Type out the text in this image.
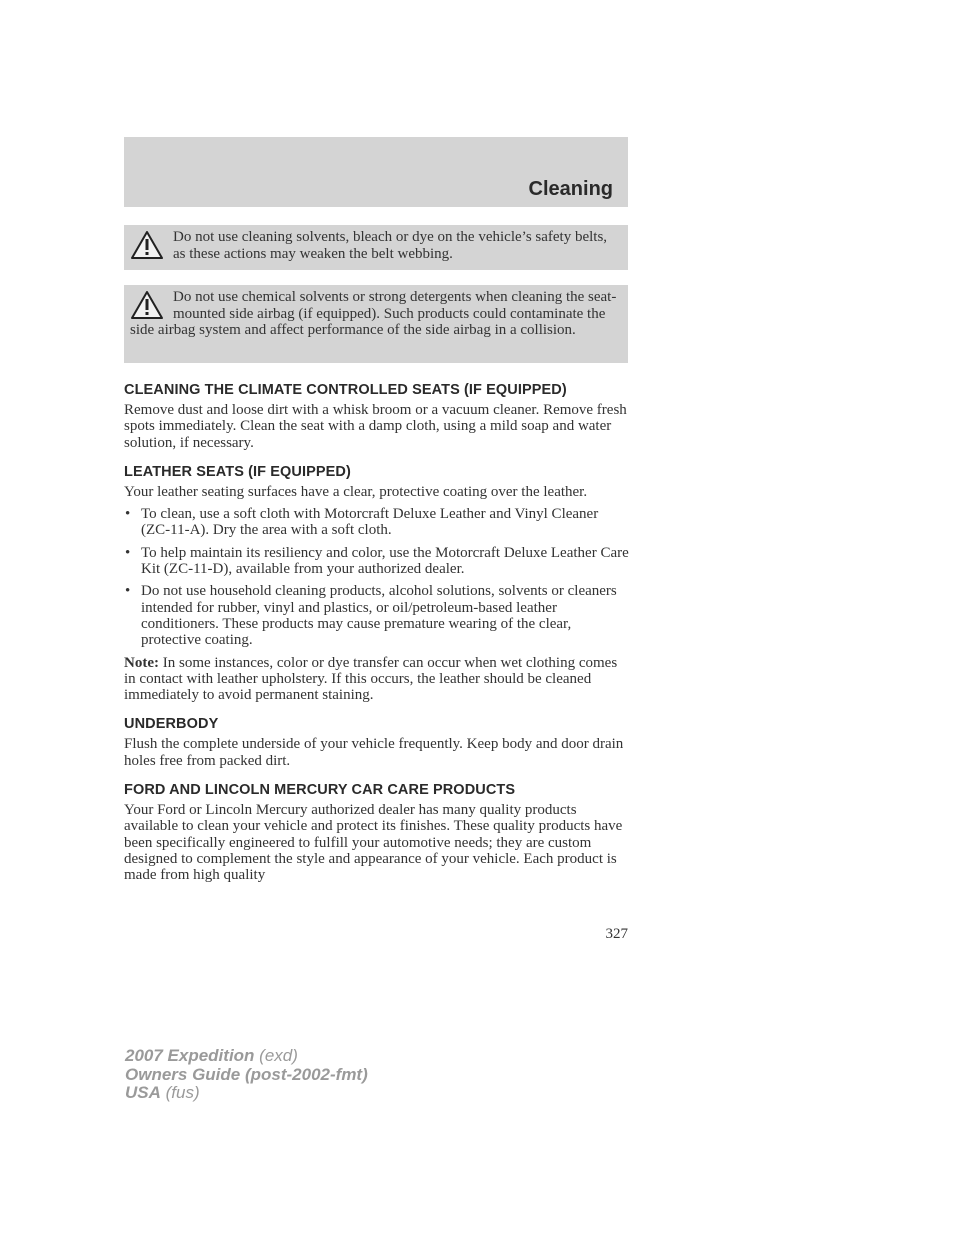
Cleaning
Do not use cleaning solvents, bleach or dye on the vehicle’s safety belts, as these actions may weaken the belt webbing.
Do not use chemical solvents or strong detergents when cleaning the seat-mounted side airbag (if equipped). Such products could contaminate the side airbag system and affect performance of the side airbag in a collision.
CLEANING THE CLIMATE CONTROLLED SEATS (IF EQUIPPED)

Remove dust and loose dirt with a whisk broom or a vacuum cleaner. Remove fresh spots immediately. Clean the seat with a damp cloth, using a mild soap and water solution, if necessary.

LEATHER SEATS (IF EQUIPPED)

Your leather seating surfaces have a clear, protective coating over the leather.

• To clean, use a soft cloth with Motorcraft Deluxe Leather and Vinyl Cleaner (ZC-11-A). Dry the area with a soft cloth.
• To help maintain its resiliency and color, use the Motorcraft Deluxe Leather Care Kit (ZC-11-D), available from your authorized dealer.
• Do not use household cleaning products, alcohol solutions, solvents or cleaners intended for rubber, vinyl and plastics, or oil/petroleum-based leather conditioners. These products may cause premature wearing of the clear, protective coating.

Note: In some instances, color or dye transfer can occur when wet clothing comes in contact with leather upholstery. If this occurs, the leather should be cleaned immediately to avoid permanent staining.

UNDERBODY

Flush the complete underside of your vehicle frequently. Keep body and door drain holes free from packed dirt.

FORD AND LINCOLN MERCURY CAR CARE PRODUCTS

Your Ford or Lincoln Mercury authorized dealer has many quality products available to clean your vehicle and protect its finishes. These quality products have been specifically engineered to fulfill your automotive needs; they are custom designed to complement the style and appearance of your vehicle. Each product is made from high quality

327
2007 Expedition (exd)
Owners Guide (post-2002-fmt)
USA (fus)
